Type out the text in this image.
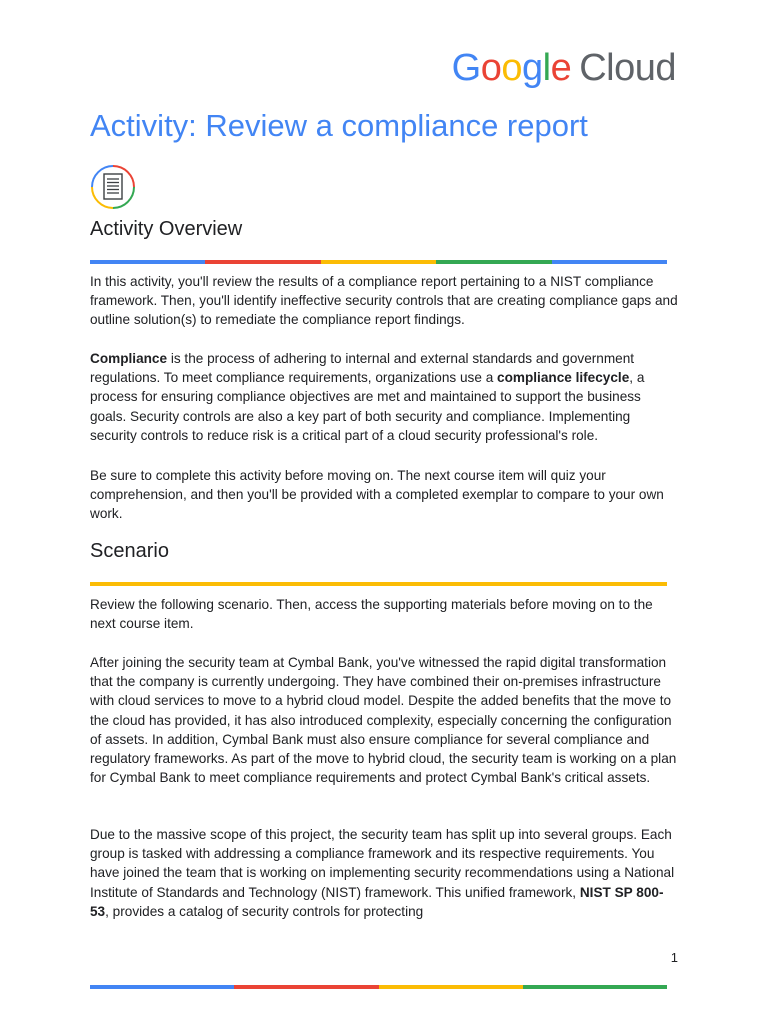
Google Cloud
Activity: Review a compliance report
Activity Overview

In this activity, you'll review the results of a compliance report pertaining to a NIST compliance framework. Then, you'll identify ineffective security controls that are creating compliance gaps and outline solution(s) to remediate the compliance report findings.

Compliance is the process of adhering to internal and external standards and government regulations. To meet compliance requirements, organizations use a compliance lifecycle, a process for ensuring compliance objectives are met and maintained to support the business goals. Security controls are also a key part of both security and compliance. Implementing security controls to reduce risk is a critical part of a cloud security professional's role.

Be sure to complete this activity before moving on. The next course item will quiz your comprehension, and then you'll be provided with a completed exemplar to compare to your own work.

Scenario

Review the following scenario. Then, access the supporting materials before moving on to the next course item.

After joining the security team at Cymbal Bank, you've witnessed the rapid digital transformation that the company is currently undergoing. They have combined their on-premises infrastructure with cloud services to move to a hybrid cloud model. Despite the added benefits that the move to the cloud has provided, it has also introduced complexity, especially concerning the configuration of assets. In addition, Cymbal Bank must also ensure compliance for several compliance and regulatory frameworks. As part of the move to hybrid cloud, the security team is working on a plan for Cymbal Bank to meet compliance requirements and protect Cymbal Bank's critical assets.

Due to the massive scope of this project, the security team has split up into several groups. Each group is tasked with addressing a compliance framework and its respective requirements. You have joined the team that is working on implementing security recommendations using a National Institute of Standards and Technology (NIST) framework. This unified framework, NIST SP 800-53, provides a catalog of security controls for protecting

1
